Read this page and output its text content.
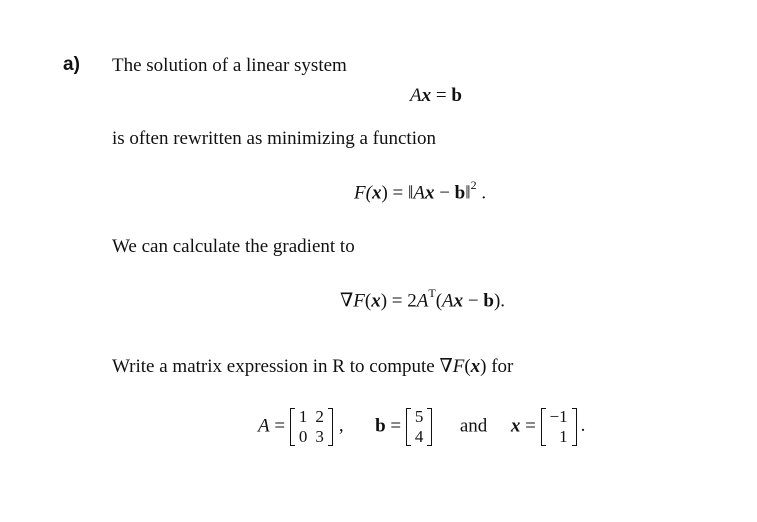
a) The solution of a linear system
Ax = b
is often rewritten as minimizing a function
F(x) = ‖Ax − b‖$^2$ .
We can calculate the gradient to
$\nabla F(x) = 2A^T(Ax - b)$.
Write a matrix expression in R to compute ∇F(x) for
A = 1	2
0	3
, b = 5
4
and x = −1
1
.
